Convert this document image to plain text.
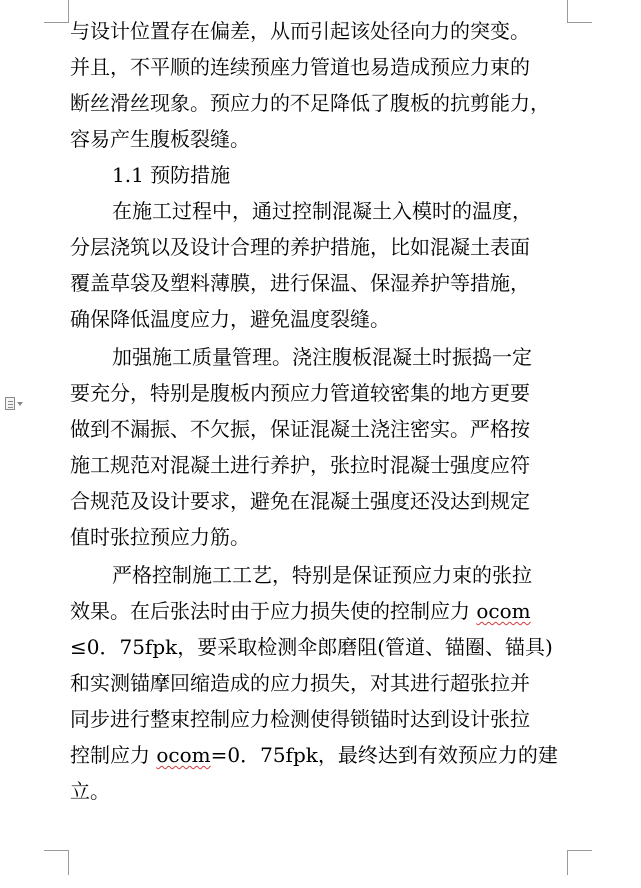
与设计位置存在偏差，从而引起该处径向力的突变。
并且，不平顺的连续预座力管道也易造成预应力束的
断丝滑丝现象。预应力的不足降低了腹板的抗剪能力，
容易产生腹板裂缝。
1.1 预防措施
在施工过程中，通过控制混凝土入模时的温度，
分层浇筑以及设计合理的养护措施，比如混凝土表面
覆盖草袋及塑料薄膜，进行保温、保湿养护等措施，
确保降低温度应力，避免温度裂缝。
加强施工质量管理。浇注腹板混凝土时振捣一定
要充分，特别是腹板内预应力管道较密集的地方更要
做到不漏振、不欠振，保证混凝土浇注密实。严格按
施工规范对混凝土进行养护，张拉时混凝士强度应符
合规范及设计要求，避免在混凝土强度还没达到规定
值时张拉预应力筋。
严格控制施工工艺，特别是保证预应力束的张拉
效果。在后张法时由于应力损失使的控制应力 ocom
≤0．75fpk，要采取检测伞郎磨阻(管道、锚圈、锚具)
和实测锚摩回缩造成的应力损失，对其进行超张拉并
同步进行整束控制应力检测使得锁锚时达到设计张拉
控制应力 ocom=0．75fpk，最终达到有效预应力的建
立。
